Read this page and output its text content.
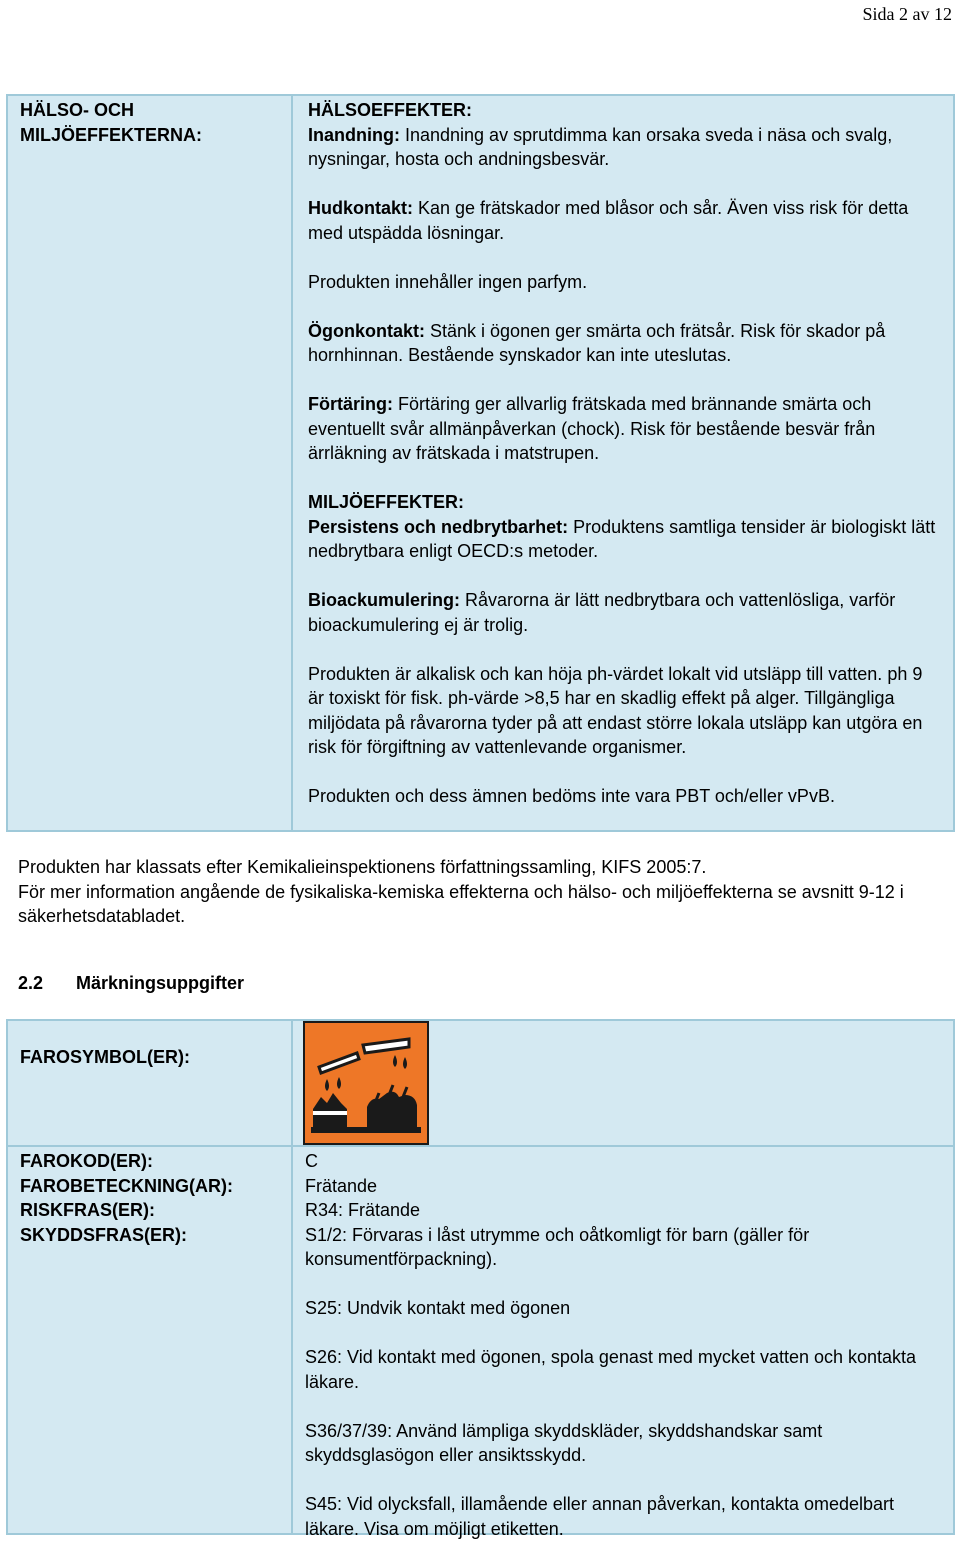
Sida 2 av 12

HÄLSO- OCH MILJÖEFFEKTERNA:

HÄLSOEFFEKTER:

Inandning: Inandning av sprutdimma kan orsaka sveda i näsa och svalg, nysningar, hosta och andningsbesvär.

Hudkontakt: Kan ge frätskador med blåsor och sår. Även viss risk för detta med utspädda lösningar.

Produkten innehåller ingen parfym.

Ögonkontakt: Stänk i ögonen ger smärta och frätsår. Risk för skador på hornhinnan. Bestående synskador kan inte uteslutas.

Förtäring: Förtäring ger allvarlig frätskada med brännande smärta och eventuellt svår allmänpåverkan (chock). Risk för bestående besvär från ärrläkning av frätskada i matstrupen.

MILJÖEFFEKTER:

Persistens och nedbrytbarhet: Produktens samtliga tensider är biologiskt lätt nedbrytbara enligt OECD:s metoder.

Bioackumulering: Råvarorna är lätt nedbrytbara och vattenlösliga, varför bioackumulering ej är trolig.

Produkten är alkalisk och kan höja ph-värdet lokalt vid utsläpp till vatten. ph 9 är toxiskt för fisk. ph-värde >8,5 har en skadlig effekt på alger. Tillgängliga miljödata på råvarorna tyder på att endast större lokala utsläpp kan utgöra en risk för förgiftning av vattenlevande organismer.

Produkten och dess ämnen bedöms inte vara PBT och/eller vPvB.

Produkten har klassats efter Kemikalieinspektionens författningssamling, KIFS 2005:7.

För mer information angående de fysikaliska-kemiska effekterna och hälso- och miljöeffekterna se avsnitt 9-12 i säkerhetsdatabladet.

2.2 Märkningsuppgifter

FAROSYMBOL(ER):

FAROKOD(ER):

FAROBETECKNING(AR):

RISKFRAS(ER):

SKYDDSFRAS(ER):

C

Frätande

R34: Frätande

S1/2: Förvaras i låst utrymme och oåtkomligt för barn (gäller för konsumentförpackning).

S25: Undvik kontakt med ögonen

S26: Vid kontakt med ögonen, spola genast med mycket vatten och kontakta läkare.

S36/37/39: Använd lämpliga skyddskläder, skyddshandskar samt skyddsglasögon eller ansiktsskydd.

S45: Vid olycksfall, illamående eller annan påverkan, kontakta omedelbart läkare. Visa om möjligt etiketten.
